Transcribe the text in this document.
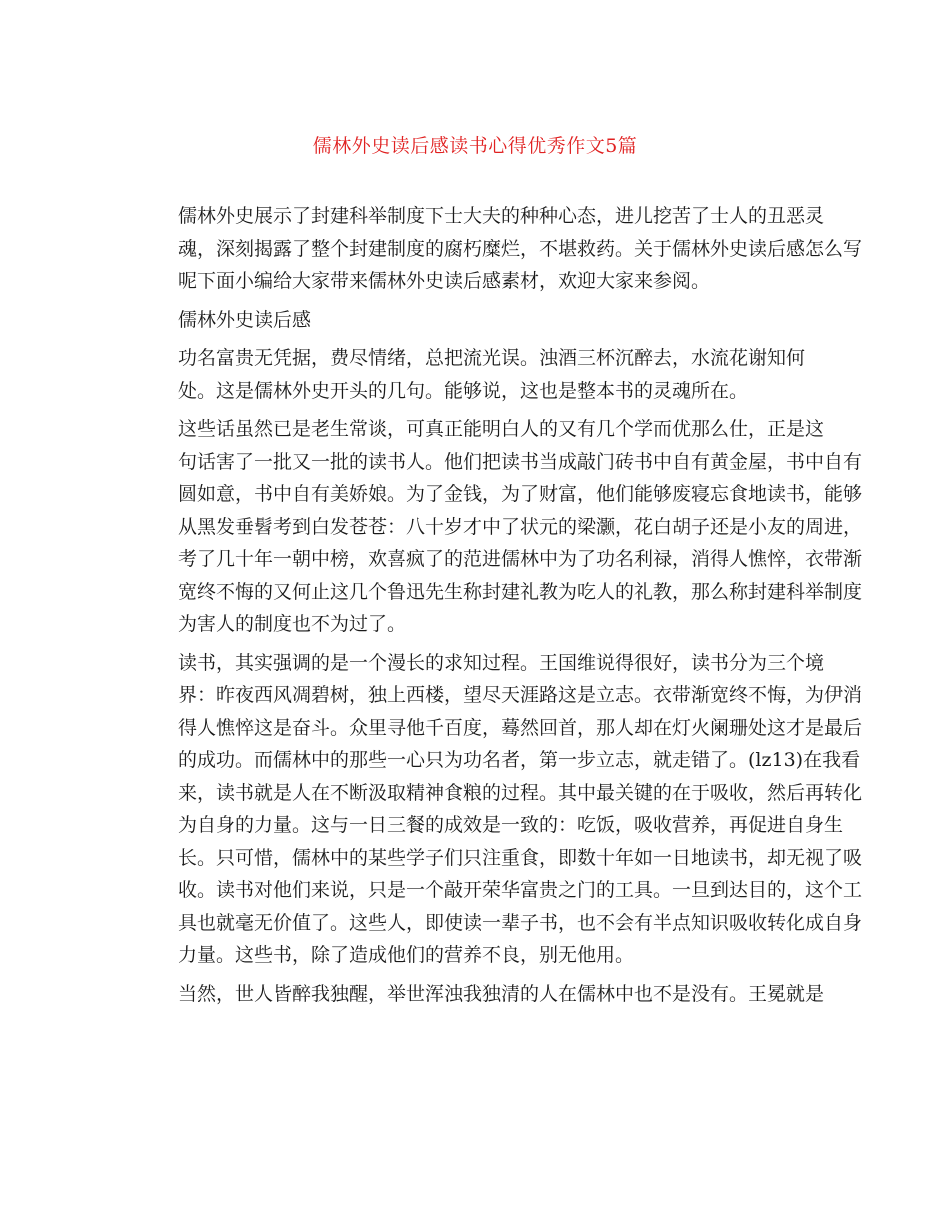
儒林外史读后感读书心得优秀作文5篇

儒林外史展示了封建科举制度下士大夫的种种心态，进儿挖苦了士人的丑恶灵
魂，深刻揭露了整个封建制度的腐朽糜烂，不堪救药。关于儒林外史读后感怎么写
呢下面小编给大家带来儒林外史读后感素材，欢迎大家来参阅。

儒林外史读后感

功名富贵无凭据，费尽情绪，总把流光误。浊酒三杯沉醉去，水流花谢知何
处。这是儒林外史开头的几句。能够说，这也是整本书的灵魂所在。

这些话虽然已是老生常谈，可真正能明白人的又有几个学而优那么仕，正是这
句话害了一批又一批的读书人。他们把读书当成敲门砖书中自有黄金屋，书中自有
圆如意，书中自有美娇娘。为了金钱，为了财富，他们能够废寝忘食地读书，能够
从黑发垂髫考到白发苍苍：八十岁才中了状元的梁灏，花白胡子还是小友的周进，
考了几十年一朝中榜，欢喜疯了的范进儒林中为了功名利禄，消得人憔悴，衣带渐
宽终不悔的又何止这几个鲁迅先生称封建礼教为吃人的礼教，那么称封建科举制度
为害人的制度也不为过了。

读书，其实强调的是一个漫长的求知过程。王国维说得很好，读书分为三个境
界：昨夜西风凋碧树，独上西楼，望尽天涯路这是立志。衣带渐宽终不悔，为伊消
得人憔悴这是奋斗。众里寻他千百度，蓦然回首，那人却在灯火阑珊处这才是最后
的成功。而儒林中的那些一心只为功名者，第一步立志，就走错了。(lz13)在我看
来，读书就是人在不断汲取精神食粮的过程。其中最关键的在于吸收，然后再转化
为自身的力量。这与一日三餐的成效是一致的：吃饭，吸收营养，再促进自身生
长。只可惜，儒林中的某些学子们只注重食，即数十年如一日地读书，却无视了吸
收。读书对他们来说，只是一个敲开荣华富贵之门的工具。一旦到达目的，这个工
具也就毫无价值了。这些人，即使读一辈子书，也不会有半点知识吸收转化成自身
力量。这些书，除了造成他们的营养不良，别无他用。

当然，世人皆醉我独醒，举世浑浊我独清的人在儒林中也不是没有。王冕就是
